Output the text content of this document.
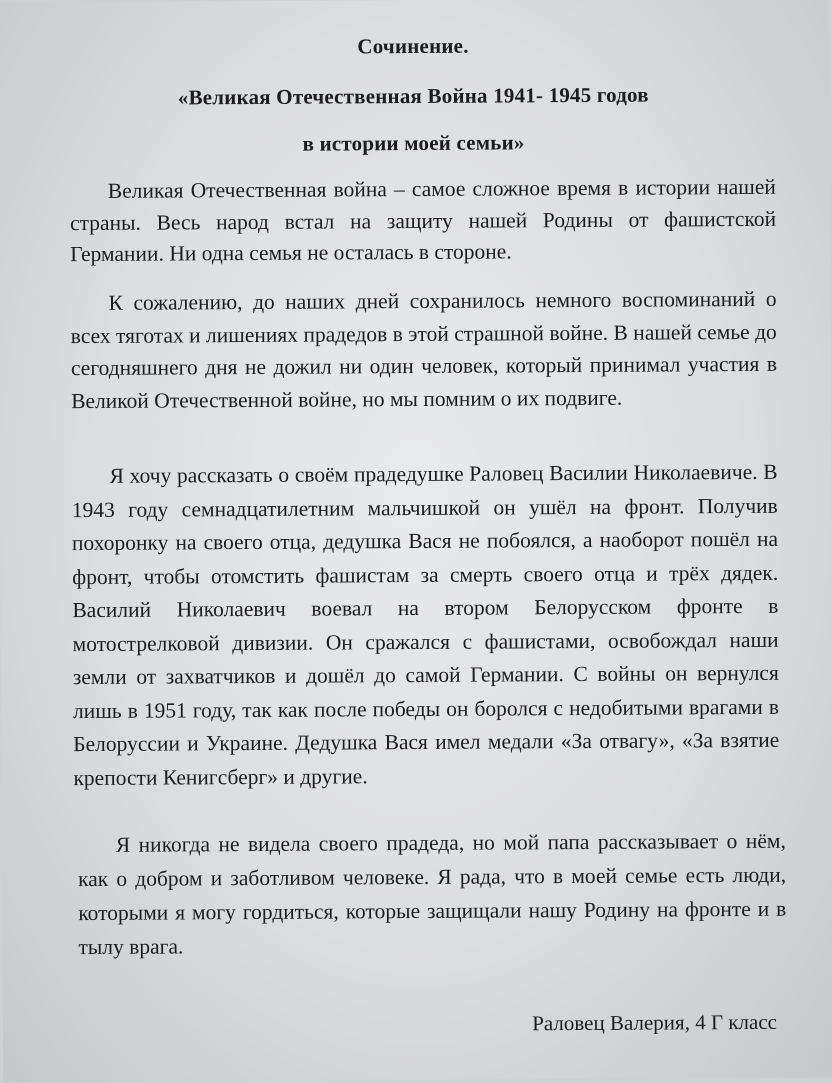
Сочинение.
«Великая Отечественная Война 1941- 1945 годов
в истории моей семьи»

Великая Отечественная война – самое сложное время в истории нашей страны. Весь народ встал на защиту нашей Родины от фашистской Германии. Ни одна семья не осталась в стороне.

К сожалению, до наших дней сохранилось немного воспоминаний о всех тяготах и лишениях прадедов в этой страшной войне. В нашей семье до сегодняшнего дня не дожил ни один человек, который принимал участия в Великой Отечественной войне, но мы помним о их подвиге.

Я хочу рассказать о своём прадедушке Раловец Василии Николаевиче. В 1943 году семнадцатилетним мальчишкой он ушёл на фронт. Получив похоронку на своего отца, дедушка Вася не побоялся, а наоборот пошёл на фронт, чтобы отомстить фашистам за смерть своего отца и трёх дядек. Василий Николаевич воевал на втором Белорусском фронте в мотострелковой дивизии. Он сражался с фашистами, освобождал наши земли от захватчиков и дошёл до самой Германии. С войны он вернулся лишь в 1951 году, так как после победы он боролся с недобитыми врагами в Белоруссии и Украине. Дедушка Вася имел медали «За отвагу», «За взятие крепости Кенигсберг» и другие.

Я никогда не видела своего прадеда, но мой папа рассказывает о нём, как о добром и заботливом человеке. Я рада, что в моей семье есть люди, которыми я могу гордиться, которые защищали нашу Родину на фронте и в тылу врага.

Раловец Валерия, 4 Г класс
